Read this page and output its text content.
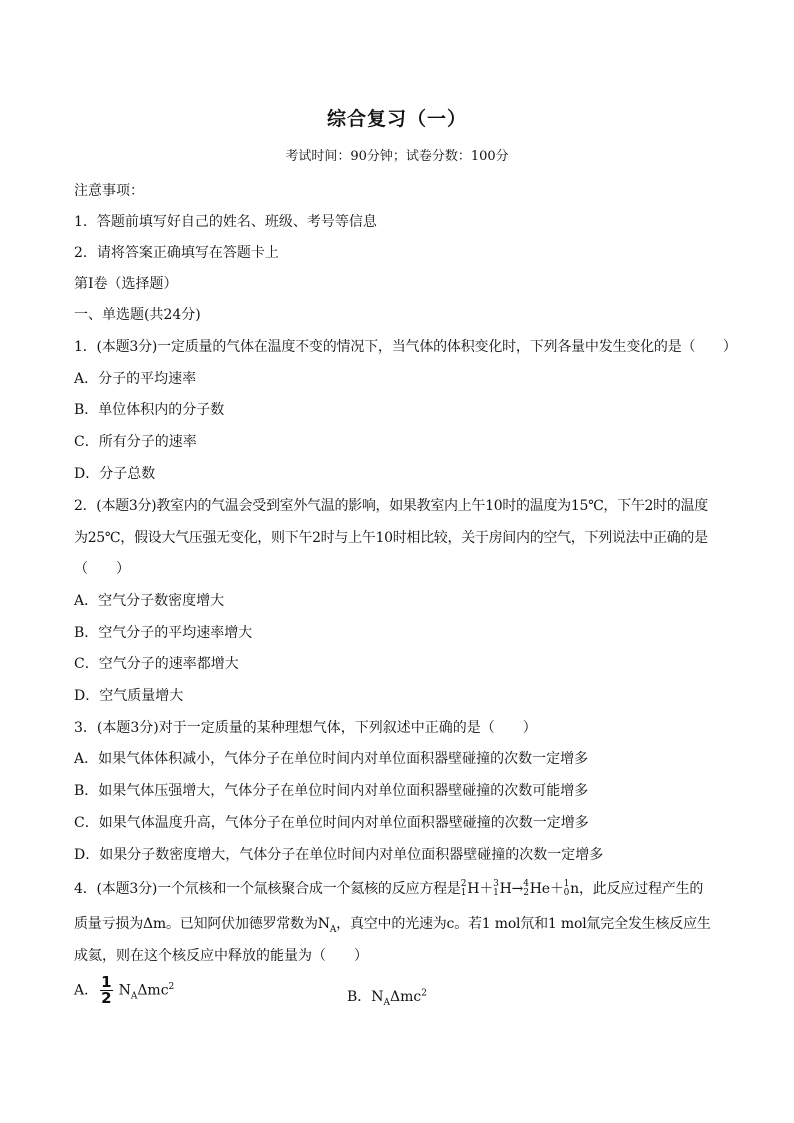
综合复习（一）
考试时间：90分钟；试卷分数：100分
注意事项：
1．答题前填写好自己的姓名、班级、考号等信息
2．请将答案正确填写在答题卡上
第I卷（选择题）
一、单选题(共24分)
1．(本题3分)一定质量的气体在温度不变的情况下，当气体的体积变化时，下列各量中发生变化的是（　　）
A．分子的平均速率
B．单位体积内的分子数
C．所有分子的速率
D．分子总数
2．(本题3分)教室内的气温会受到室外气温的影响，如果教室内上午10时的温度为15℃，下午2时的温度
为25℃，假设大气压强无变化，则下午2时与上午10时相比较，关于房间内的空气，下列说法中正确的是
（　　）
A．空气分子数密度增大
B．空气分子的平均速率增大
C．空气分子的速率都增大
D．空气质量增大
3．(本题3分)对于一定质量的某种理想气体，下列叙述中正确的是（　　）
A．如果气体体积减小，气体分子在单位时间内对单位面积器壁碰撞的次数一定增多
B．如果气体压强增大，气体分子在单位时间内对单位面积器壁碰撞的次数可能增多
C．如果气体温度升高，气体分子在单位时间内对单位面积器壁碰撞的次数一定增多
D．如果分子数密度增大，气体分子在单位时间内对单位面积器壁碰撞的次数一定增多
4．(本题3分)一个氘核和一个氚核聚合成一个氦核的反应方程是 2
1 H＋ 3
1 H→ 4
2 He＋ 1
0 n，此反应过程产生的
质量亏损为Δm。已知阿伏加德罗常数为$N_A$，真空中的光速为c。若1 mol氘和1 mol氚完全发生核反应生
成氦，则在这个核反应中释放的能量为（　　）
A． $\frac{1}{2} N_A\Delta mc^2$
B．$N_A\Delta mc^2$
